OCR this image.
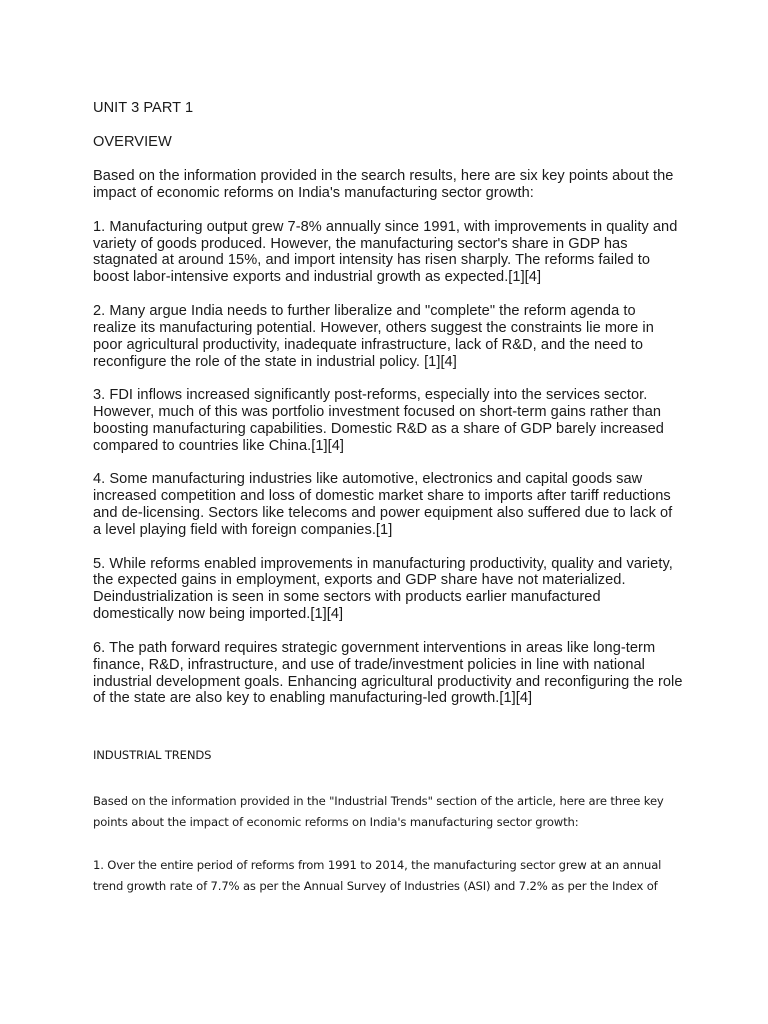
UNIT 3 PART 1

OVERVIEW

Based on the information provided in the search results, here are six key points about the impact of economic reforms on India's manufacturing sector growth:

1. Manufacturing output grew 7-8% annually since 1991, with improvements in quality and variety of goods produced. However, the manufacturing sector's share in GDP has stagnated at around 15%, and import intensity has risen sharply. The reforms failed to boost labor-intensive exports and industrial growth as expected.[1][4]

2. Many argue India needs to further liberalize and "complete" the reform agenda to realize its manufacturing potential. However, others suggest the constraints lie more in poor agricultural productivity, inadequate infrastructure, lack of R&D, and the need to reconfigure the role of the state in industrial policy. [1][4]

3. FDI inflows increased significantly post-reforms, especially into the services sector. However, much of this was portfolio investment focused on short-term gains rather than boosting manufacturing capabilities. Domestic R&D as a share of GDP barely increased compared to countries like China.[1][4]

4. Some manufacturing industries like automotive, electronics and capital goods saw increased competition and loss of domestic market share to imports after tariff reductions and de-licensing. Sectors like telecoms and power equipment also suffered due to lack of a level playing field with foreign companies.[1]

5. While reforms enabled improvements in manufacturing productivity, quality and variety, the expected gains in employment, exports and GDP share have not materialized. Deindustrialization is seen in some sectors with products earlier manufactured domestically now being imported.[1][4]

6. The path forward requires strategic government interventions in areas like long-term finance, R&D, infrastructure, and use of trade/investment policies in line with national industrial development goals. Enhancing agricultural productivity and reconfiguring the role of the state are also key to enabling manufacturing-led growth.[1][4]

INDUSTRIAL TRENDS

Based on the information provided in the "Industrial Trends" section of the article, here are three key points about the impact of economic reforms on India's manufacturing sector growth:

1. Over the entire period of reforms from 1991 to 2014, the manufacturing sector grew at an annual trend growth rate of 7.7% as per the Annual Survey of Industries (ASI) and 7.2% as per the Index of
